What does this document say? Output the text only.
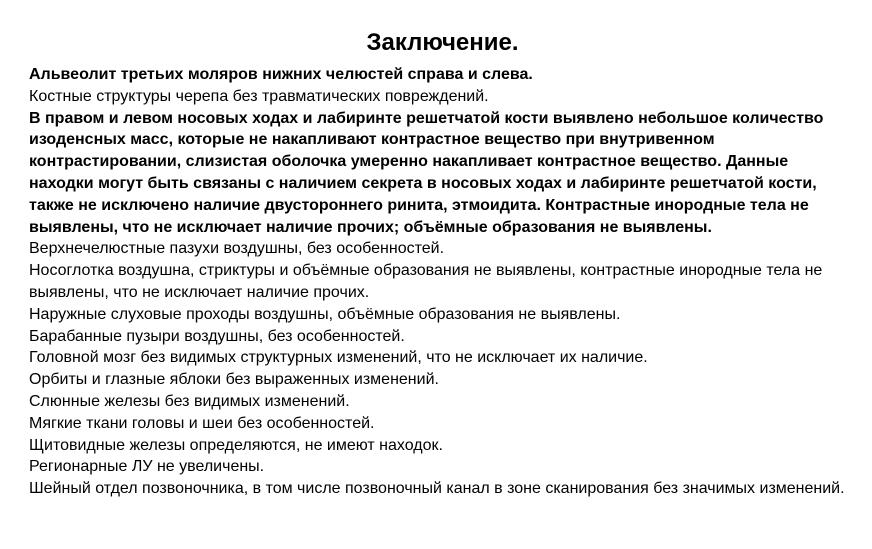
Заключение.

Альвеолит третьих моляров нижних челюстей справа и слева.

Костные структуры черепа без травматических повреждений.

В правом и левом носовых ходах и лабиринте решетчатой кости выявлено небольшое количество изоденсных масс, которые не накапливают контрастное вещество при внутривенном контрастировании, слизистая оболочка умеренно накапливает контрастное вещество. Данные находки могут быть связаны с наличием секрета в носовых ходах и лабиринте решетчатой кости, также не исключено наличие двустороннего ринита, этмоидита. Контрастные инородные тела не выявлены, что не исключает наличие прочих; объёмные образования не выявлены.

Верхнечелюстные пазухи воздушны, без особенностей.

Носоглотка воздушна, стриктуры и объёмные образования не выявлены, контрастные инородные тела не выявлены, что не исключает наличие прочих.

Наружные слуховые проходы воздушны, объёмные образования не выявлены.

Барабанные пузыри воздушны, без особенностей.

Головной мозг без видимых структурных изменений, что не исключает их наличие.

Орбиты и глазные яблоки без выраженных изменений.

Слюнные железы без видимых изменений.

Мягкие ткани головы и шеи без особенностей.

Щитовидные железы определяются, не имеют находок.

Регионарные ЛУ не увеличены.

Шейный отдел позвоночника, в том числе позвоночный канал в зоне сканирования без значимых изменений.
